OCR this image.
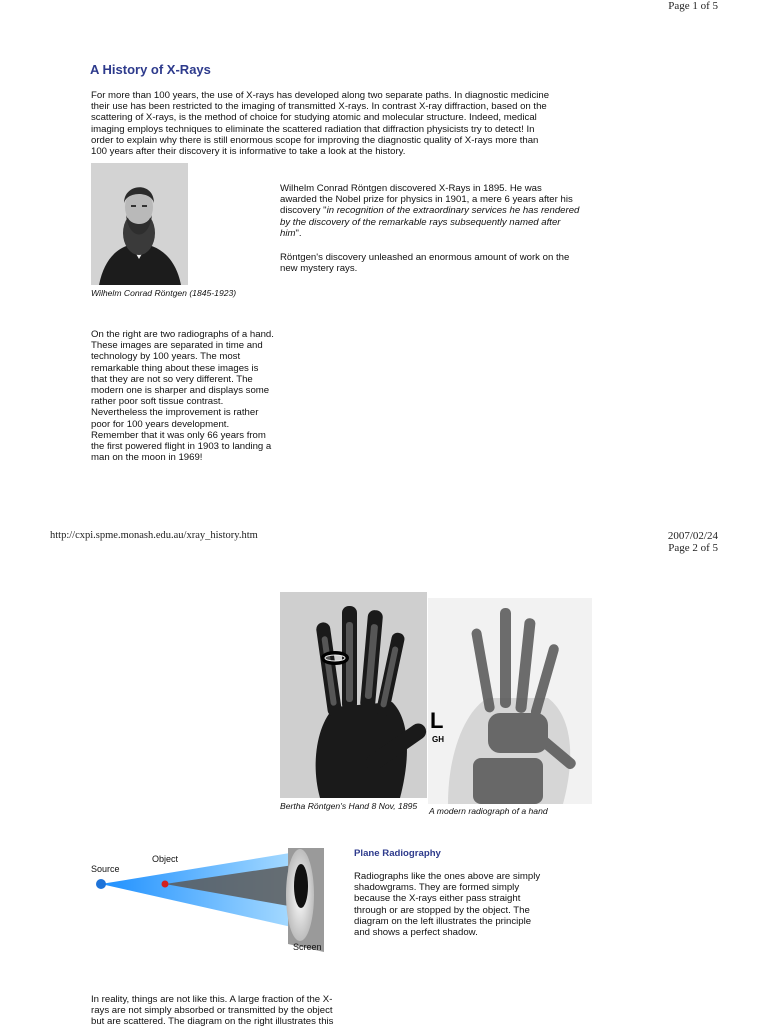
Page 1 of 5
A History of X-Rays
For more than 100 years, the use of X-rays has developed along two separate paths. In diagnostic medicine their use has been restricted to the imaging of transmitted X-rays. In contrast X-ray diffraction, based on the scattering of X-rays, is the method of choice for studying atomic and molecular structure. Indeed, medical imaging employs techniques to eliminate the scattered radiation that diffraction physicists try to detect! In order to explain why there is still enormous scope for improving the diagnostic quality of X-rays more than 100 years after their discovery it is informative to take a look at the history.
Wilhelm Conrad Röntgen (1845-1923)
Wilhelm Conrad Röntgen discovered X-Rays in 1895. He was awarded the Nobel prize for physics in 1901, a mere 6 years after his discovery "in recognition of the extraordinary services he has rendered by the discovery of the remarkable rays subsequently named after him".
Röntgen's discovery unleashed an enormous amount of work on the new mystery rays.
On the right are two radiographs of a hand. These images are separated in time and technology by 100 years. The most remarkable thing about these images is that they are not so very different. The modern one is sharper and displays some rather poor soft tissue contrast. Nevertheless the improvement is rather poor for 100 years development. Remember that it was only 66 years from the first powered flight in 1903 to landing a man on the moon in 1969!
http://cxpi.spme.monash.edu.au/xray_history.htm	2007/02/24
Page 2 of 5
Bertha Röntgen's Hand 8 Nov, 1895
L
GH
A modern radiograph of a hand
Source
Object
Screen
Plane Radiography
Radiographs like the ones above are simply shadowgrams. They are formed simply because the X-rays either pass straight through or are stopped by the object. The diagram on the left illustrates the principle and shows a perfect shadow.
In reality, things are not like this. A large fraction of the X-rays are not simply absorbed or transmitted by the object but are scattered. The diagram on the right illustrates this
